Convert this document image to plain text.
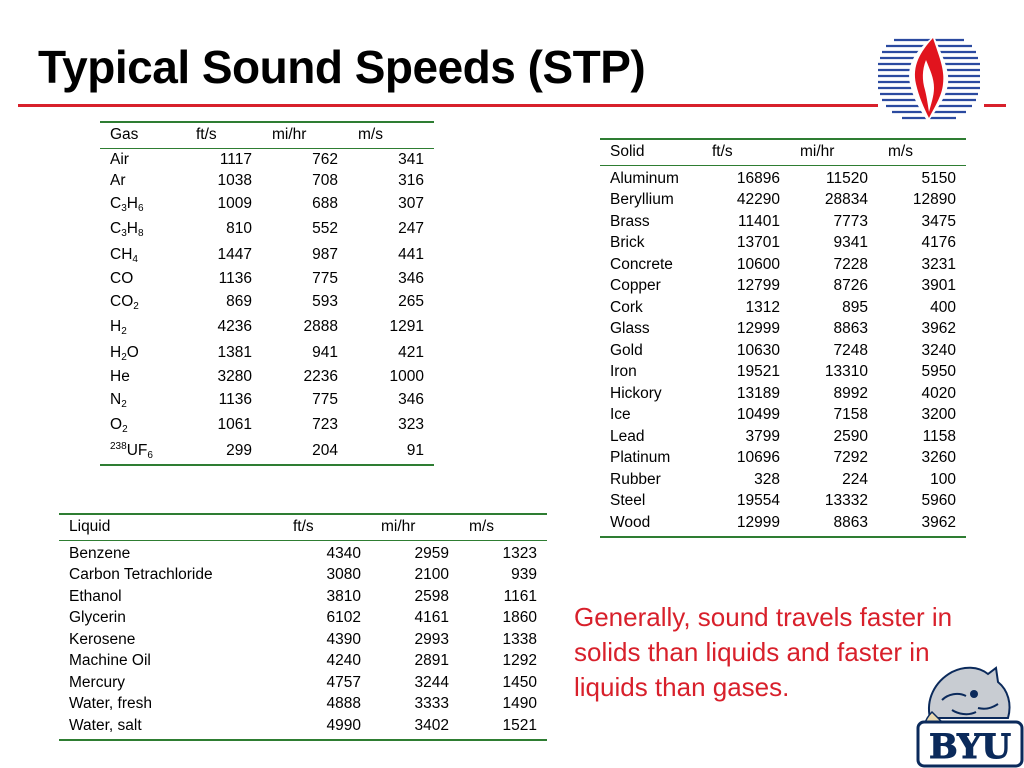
Typical Sound Speeds (STP)
Gas	ft/s	mi/hr	m/s
Air	1117	762	341
Ar	1038	708	316
$C_3H_6$	1009	688	307
$C_3H_8$	810	552	247
$CH_4$	1447	987	441
CO	1136	775	346
$CO_2$	869	593	265
$H_2$	4236	2888	1291
$H_2O$	1381	941	421
He	3280	2236	1000
$N_2$	1136	775	346
$O_2$	1061	723	323
$^{238}UF_6$	299	204	91
Solid	ft/s	mi/hr	m/s
Aluminum	16896	11520	5150
Beryllium	42290	28834	12890
Brass	11401	7773	3475
Brick	13701	9341	4176
Concrete	10600	7228	3231
Copper	12799	8726	3901
Cork	1312	895	400
Glass	12999	8863	3962
Gold	10630	7248	3240
Iron	19521	13310	5950
Hickory	13189	8992	4020
Ice	10499	7158	3200
Lead	3799	2590	1158
Platinum	10696	7292	3260
Rubber	328	224	100
Steel	19554	13332	5960
Wood	12999	8863	3962
Liquid	ft/s	mi/hr	m/s
Benzene	4340	2959	1323
Carbon Tetrachloride	3080	2100	939
Ethanol	3810	2598	1161
Glycerin	6102	4161	1860
Kerosene	4390	2993	1338
Machine Oil	4240	2891	1292
Mercury	4757	3244	1450
Water, fresh	4888	3333	1490
Water, salt	4990	3402	1521
Generally, sound travels faster in solids than liquids and faster in liquids than gases.
BYU
